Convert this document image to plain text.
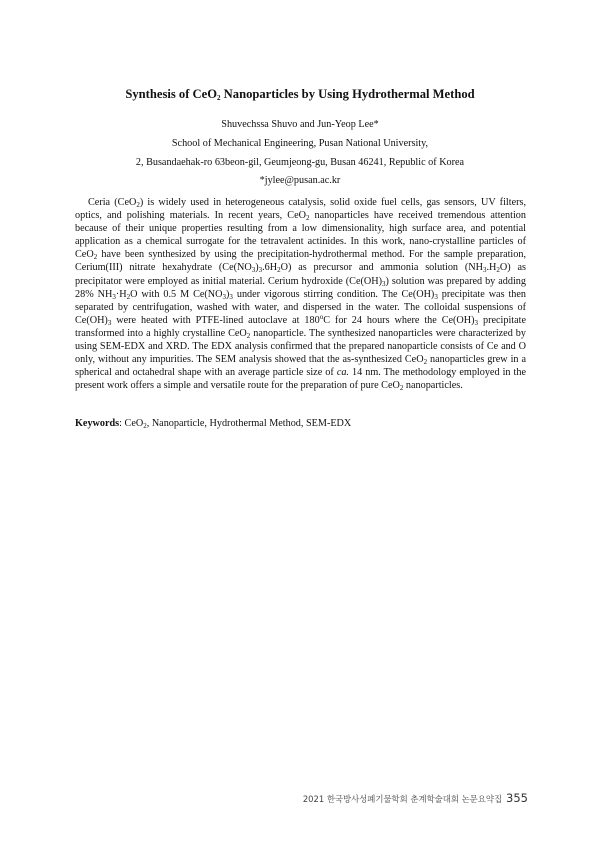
Synthesis of CeO$_2$ Nanoparticles by Using Hydrothermal Method
Shuvechssa Shuvo and Jun-Yeop Lee*
School of Mechanical Engineering, Pusan National University,
2, Busandaehak-ro 63beon-gil, Geumjeong-gu, Busan 46241, Republic of Korea
*jylee@pusan.ac.kr

Ceria (CeO$_2$) is widely used in heterogeneous catalysis, solid oxide fuel cells, gas sensors, UV filters, optics, and polishing materials. In recent years, CeO$_2$ nanoparticles have received tremendous attention because of their unique properties resulting from a low dimensionality, high surface area, and potential application as a chemical surrogate for the tetravalent actinides. In this work, nano-crystalline particles of CeO$_2$ have been synthesized by using the precipitation-hydrothermal method. For the sample preparation, Cerium(III) nitrate hexahydrate $(Ce(NO_3)_3.6H_2O)$ as precursor and ammonia solution $(NH_3.H_2O)$ as precipitator were employed as initial material. Cerium hydroxide $(Ce(OH)_3)$ solution was prepared by adding 28% $NH_3\cdot H_2O$ with 0.5 M $Ce(NO_3)_3$ under vigorous stirring condition. The $Ce(OH)_3$ precipitate was then separated by centrifugation, washed with water, and dispersed in the water. The colloidal suspensions of $Ce(OH)_3$ were heated with PTFE-lined autoclave at 180$^o$C for 24 hours where the $Ce(OH)_3$ precipitate transformed into a highly crystalline CeO$_2$ nanoparticle. The synthesized nanoparticles were characterized by using SEM-EDX and XRD. The EDX analysis confirmed that the prepared nanoparticle consists of Ce and O only, without any impurities. The SEM analysis showed that the as-synthesized CeO$_2$ nanoparticles grew in a spherical and octahedral shape with an average particle size of ca. 14 nm. The methodology employed in the present work offers a simple and versatile route for the preparation of pure CeO$_2$ nanoparticles.

Keywords: CeO$_2$, Nanoparticle, Hydrothermal Method, SEM-EDX
2021 한국방사성폐기물학회 춘계학술대회 논문요약집 355
